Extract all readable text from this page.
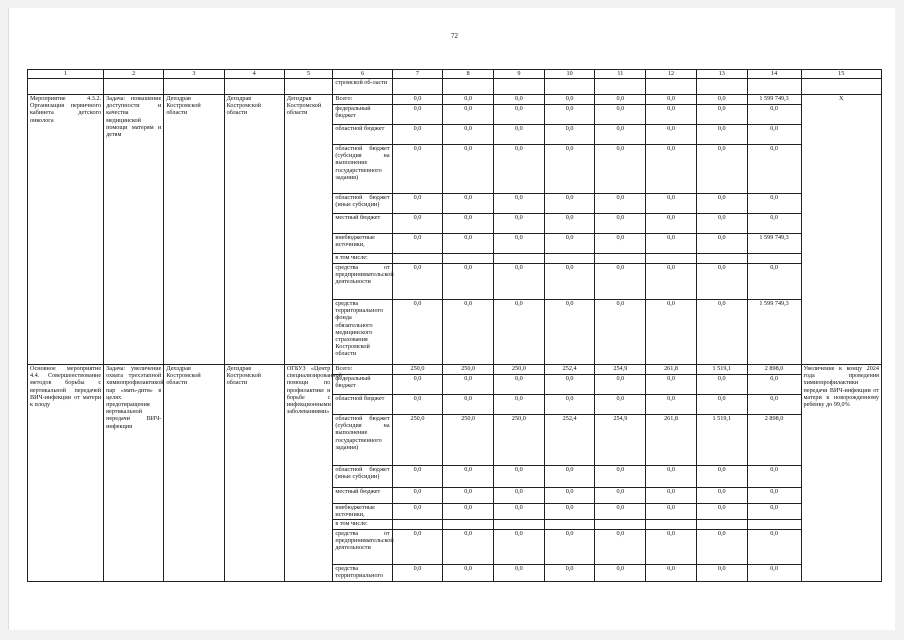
72
1	2	3	4	5	6	7	8	9	10	11	12	13	14	15
					стромской об-ласти									
Мероприятие 4.3.2. Организация первичного кабинета детского онколога	Задача: повышение доступности и качества медицинской помощи матерям и детям	Депздрав Костромской области	Депздрав Костромской области	Депздрав Костромской области	Всего:	0,0	0,0	0,0	0,0	0,0	0,0	0,0	1 599 749,3	Х
					федеральный бюджет	0,0	0,0	0,0	0,0	0,0	0,0	0,0	0,0	
					областной бюджет	0,0	0,0	0,0	0,0	0,0	0,0	0,0	0,0	
					областной бюджет (субсидия на выполнение государственного задания)	0,0	0,0	0,0	0,0	0,0	0,0	0,0	0,0	
					областной бюджет (иные субсидии)	0,0	0,0	0,0	0,0	0,0	0,0	0,0	0,0	
					местный бюджет	0,0	0,0	0,0	0,0	0,0	0,0	0,0	0,0	
					внебюджетные источники,	0,0	0,0	0,0	0,0	0,0	0,0	0,0	1 599 749,3	
					в том числе:									
					средства от предпринимательской деятельности	0,0	0,0	0,0	0,0	0,0	0,0	0,0	0,0	
					средства территориального фонда обязательного медицинского страхования Костромской области	0,0	0,0	0,0	0,0	0,0	0,0	0,0	1 599 749,3	
Основное мероприятие 4.4. Совершенствование методов борьбы с вертикальной передачей ВИЧ-инфекции от матери к плоду	Задача: увеличение охвата трехэтапной химиопрофилактикой пар «мать-дитя» в целях предотвращения вертикальной передачи ВИЧ-инфекции	Депздрав Костромской области	Депздрав Костромской области	ОГБУЗ «Центр специализированной помощи по профилактике и борьбе с инфекционными заболеваниями»	Всего:	250,0	250,0	250,0	252,4	254,9	261,8	1 519,1	2 898,0	Увеличение к концу 2024 года проведения химиопрофилактики передачи ВИЧ-инфекции от матери к новорожденному ребенку до 99,0%
					федеральный бюджет	0,0	0,0	0,0	0,0	0,0	0,0	0,0	0,0	
					областной бюджет	0,0	0,0	0,0	0,0	0,0	0,0	0,0	0,0	
					областной бюджет (субсидия на выполнение государственного задания)	250,0	250,0	250,0	252,4	254,9	261,8	1 519,1	2 898,0	
					областной бюджет (иные субсидии)	0,0	0,0	0,0	0,0	0,0	0,0	0,0	0,0	
					местный бюджет	0,0	0,0	0,0	0,0	0,0	0,0	0,0	0,0	
					внебюджетные источники,	0,0	0,0	0,0	0,0	0,0	0,0	0,0	0,0	
					в том числе:									
					средства от предпринимательской деятельности	0,0	0,0	0,0	0,0	0,0	0,0	0,0	0,0	
					средства территориального	0,0	0,0	0,0	0,0	0,0	0,0	0,0	0,0	
